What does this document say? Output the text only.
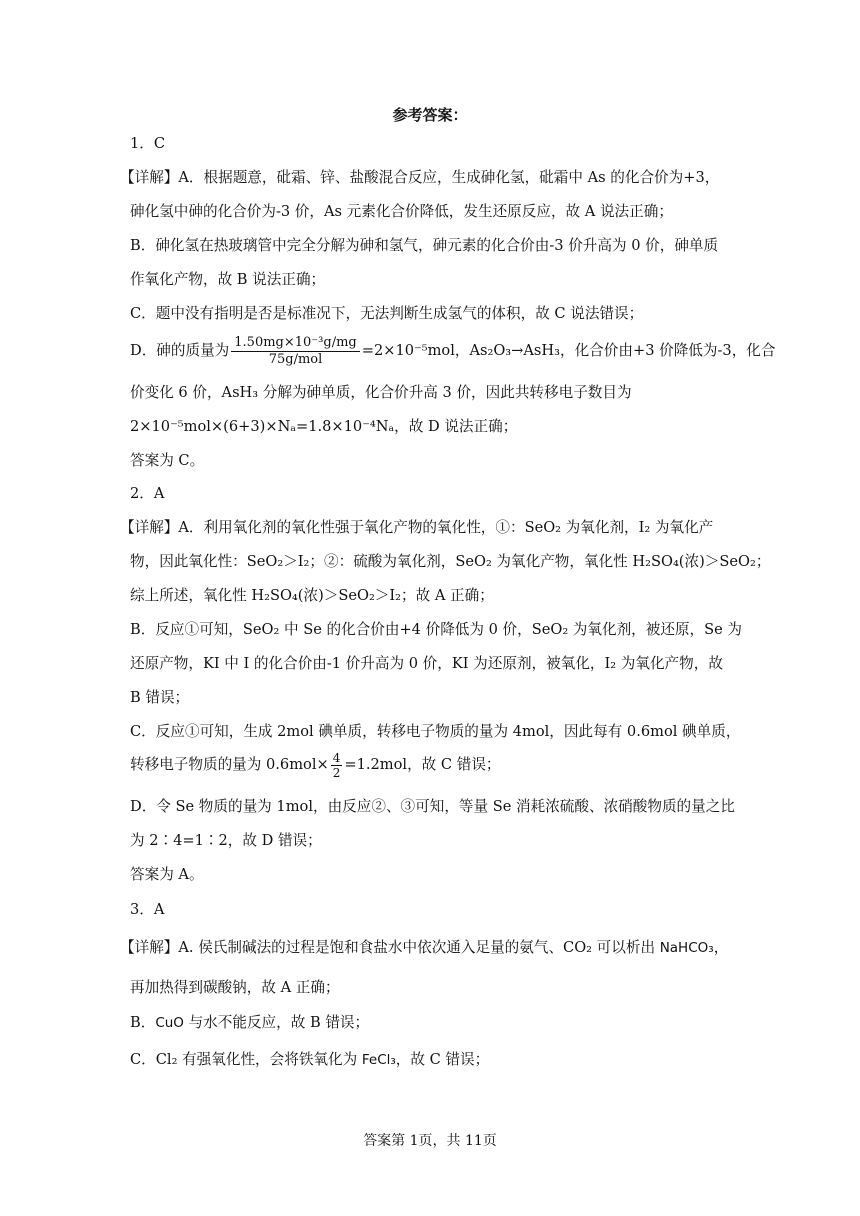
参考答案：
1．C
【详解】A．根据题意，砒霜、锌、盐酸混合反应，生成砷化氢，砒霜中 As 的化合价为+3，
砷化氢中砷的化合价为-3 价，As 元素化合价降低，发生还原反应，故 A 说法正确；
B．砷化氢在热玻璃管中完全分解为砷和氢气，砷元素的化合价由-3 价升高为 0 价，砷单质
作氧化产物，故 B 说法正确；
C．题中没有指明是否是标准况下，无法判断生成氢气的体积，故 C 说法错误；
D．砷的质量为 $\frac{\text{1.50mg×10⁻³g/mg}}{\text{75g/mol}} =2\times 10^{-5}mol$，As₂O₃→AsH₃，化合价由+3 价降低为-3，化合
价变化 6 价，AsH₃ 分解为砷单质，化合价升高 3 价，因此共转移电子数目为
2×10⁻⁵mol×(6+3)×Nₐ=1.8×10⁻⁴Nₐ，故 D 说法正确；
答案为 C。
2．A
【详解】A．利用氧化剂的氧化性强于氧化产物的氧化性，①：SeO₂ 为氧化剂，I₂ 为氧化产
物，因此氧化性：SeO₂＞I₂；②：硫酸为氧化剂，SeO₂ 为氧化产物，氧化性 H₂SO₄(浓)＞SeO₂；
综上所述，氧化性 H₂SO₄(浓)＞SeO₂＞I₂；故 A 正确；
B．反应①可知，SeO₂ 中 Se 的化合价由+4 价降低为 0 价，SeO₂ 为氧化剂，被还原，Se 为
还原产物，KI 中 I 的化合价由-1 价升高为 0 价，KI 为还原剂，被氧化，I₂ 为氧化产物，故
B 错误；
C．反应①可知，生成 2mol 碘单质，转移电子物质的量为 4mol，因此每有 0.6mol 碘单质，
转移电子物质的量为 $0.6mol\times \frac{4}{2} =1.2mol$，故 C 错误；
D．令 Se 物质的量为 1mol，由反应②、③可知，等量 Se 消耗浓硫酸、浓硝酸物质的量之比
为 2∶4=1∶2，故 D 错误；
答案为 A。
3．A
【详解】A. 侯氏制碱法的过程是饱和食盐水中依次通入足量的氨气、CO₂ 可以析出 NaHCO₃，
再加热得到碳酸钠，故 A 正确；
B．CuO 与水不能反应，故 B 错误；
C．Cl₂ 有强氧化性，会将铁氧化为 FeCl₃，故 C 错误；
答案第 1页，共 11页
